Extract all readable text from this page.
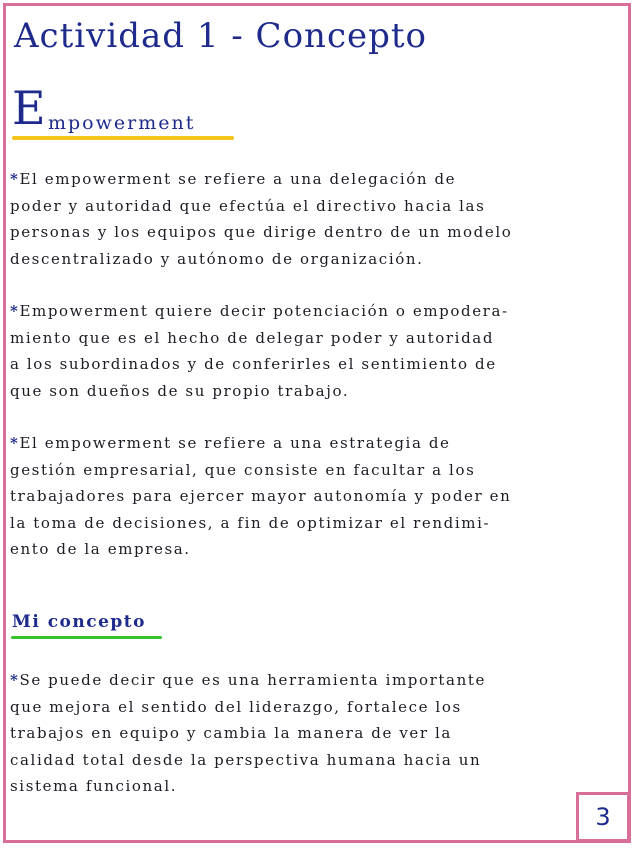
Actividad 1 - Concepto
E mpowerment
*El empowerment se refiere a una delegación de
poder y autoridad que efectúa el directivo hacia las
personas y los equipos que dirige dentro de un modelo
descentralizado y autónomo de organización.
*Empowerment quiere decir potenciación o empodera-
miento que es el hecho de delegar poder y autoridad
a los subordinados y de conferirles el sentimiento de
que son dueños de su propio trabajo.
*El empowerment se refiere a una estrategia de
gestión empresarial, que consiste en facultar a los
trabajadores para ejercer mayor autonomía y poder en
la toma de decisiones, a fin de optimizar el rendimi-
ento de la empresa.
Mi concepto
*Se puede decir que es una herramienta importante
que mejora el sentido del liderazgo, fortalece los
trabajos en equipo y cambia la manera de ver la
calidad total desde la perspectiva humana hacia un
sistema funcional.
3
